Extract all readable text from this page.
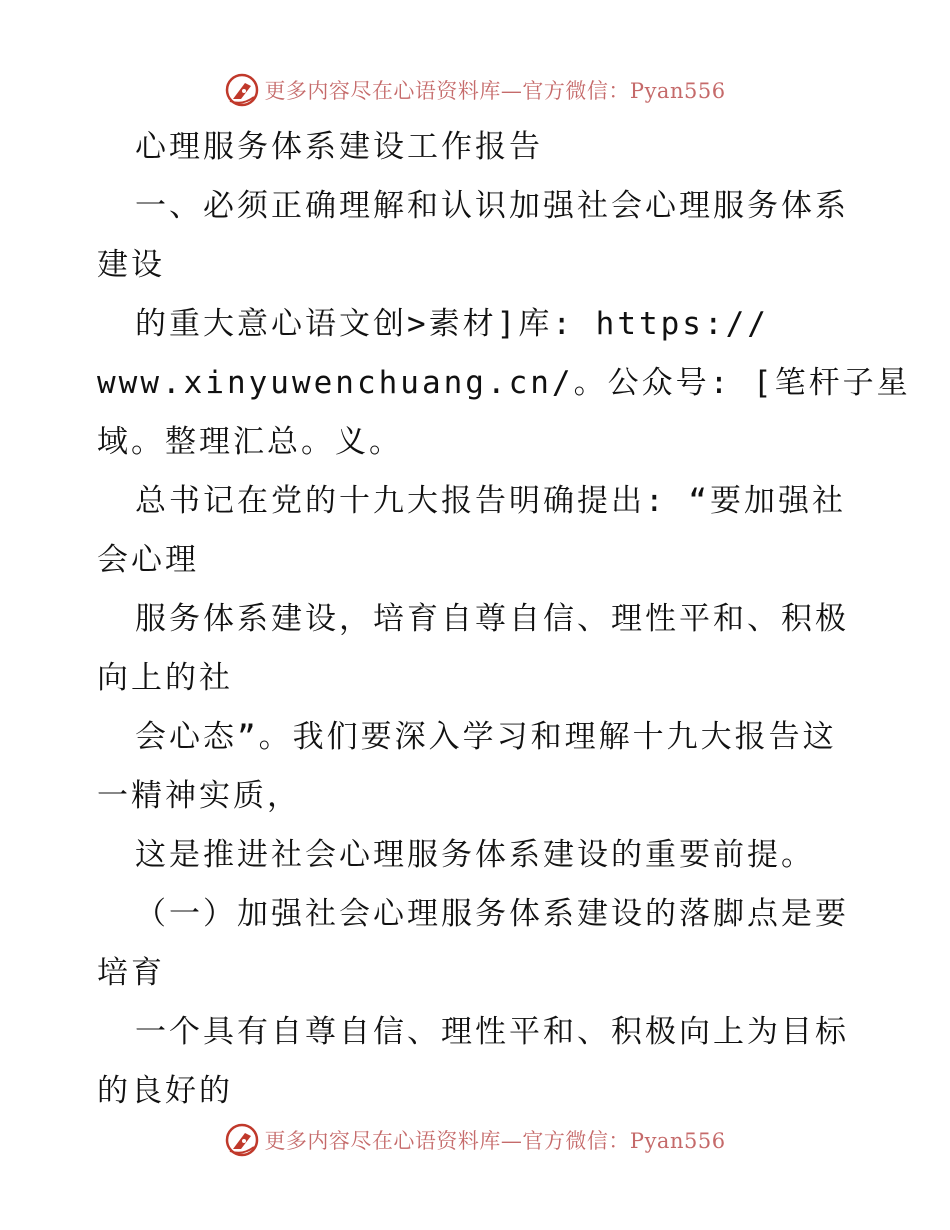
更多内容尽在心语资料库—官方微信：Pyan556
心理服务体系建设工作报告
一、必须正确理解和认识加强社会心理服务体系
建设
的重大意心语文创>素材]库: https://
www.xinyuwenchuang.cn/。公众号: [笔杆子星
域。整理汇总。义。
总书记在党的十九大报告明确提出: “要加强社
会心理
服务体系建设，培育自尊自信、理性平和、积极
向上的社
会心态”。我们要深入学习和理解十九大报告这
一精神实质，
这是推进社会心理服务体系建设的重要前提。
（一）加强社会心理服务体系建设的落脚点是要
培育
一个具有自尊自信、理性平和、积极向上为目标
的良好的
更多内容尽在心语资料库—官方微信：Pyan556
